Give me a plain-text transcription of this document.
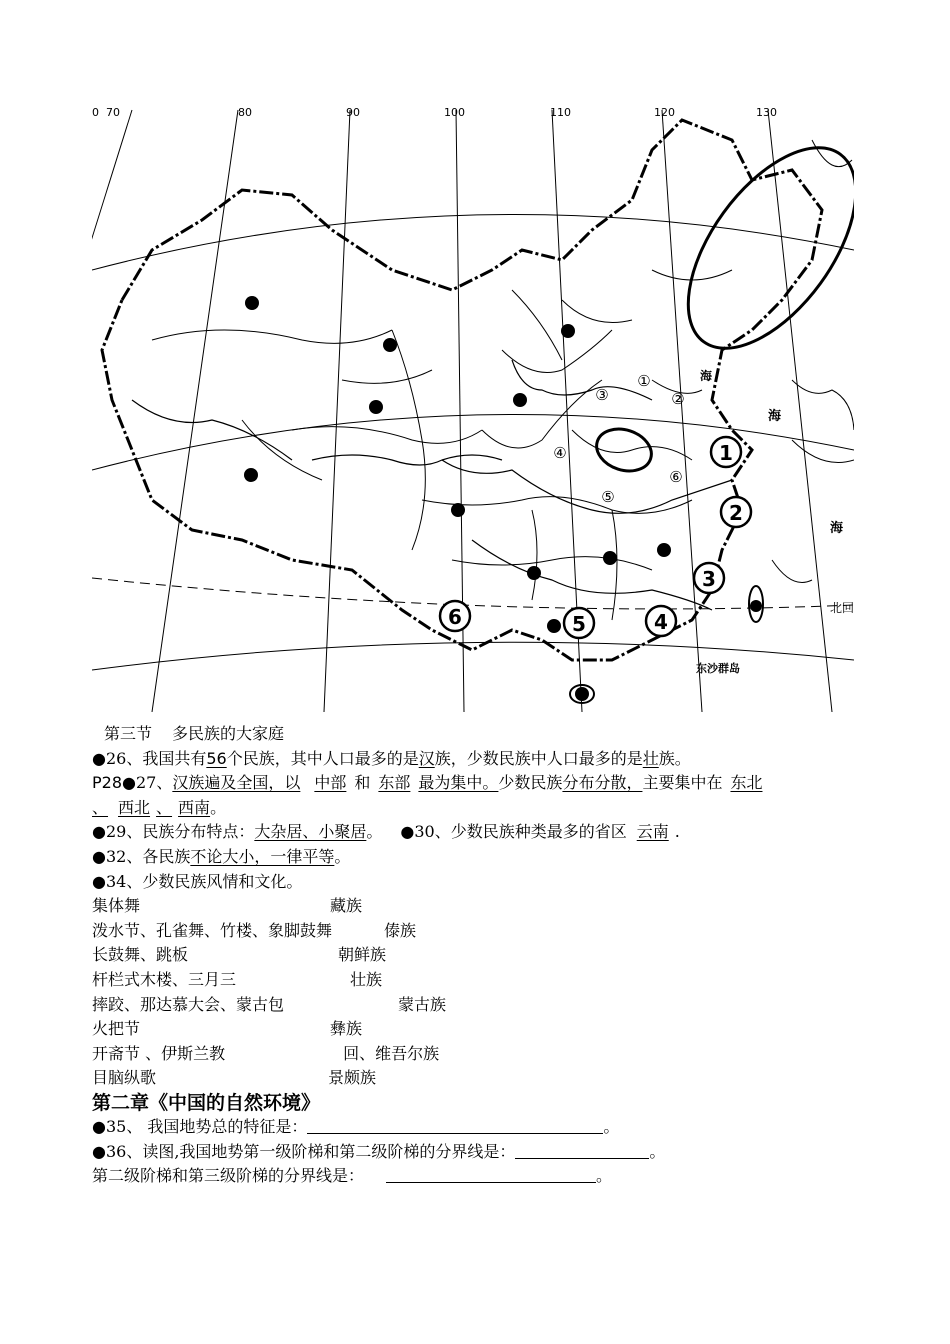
①
②
③
④
⑤
⑥
1
2
3
4
5
6
0 70	80	90	100	110	120	130
海
海
海
东沙群岛
北回
第三节 多民族的大家庭
●26、我国共有56个民族，其中人口最多的是汉族，少数民族中人口最多的是壮族。
P28●27、汉族遍及全国，以 中部 和 东部 最为集中。少数民族分布分散，主要集中在 东北
、 西北 、 西南。
●29、民族分布特点：大杂居、小聚居。 ●30、少数民族种类最多的省区 云南 .
●32、各民族不论大小，一律平等。
●34、少数民族风情和文化。
集体舞	藏族
泼水节、孔雀舞、竹楼、象脚鼓舞	傣族
长鼓舞、跳板	朝鲜族
杆栏式木楼、三月三	壮族
摔跤、那达慕大会、蒙古包	蒙古族
火把节	彝族
开斋节 、伊斯兰教	回、维吾尔族
目脑纵歌	景颇族
第二章《中国的自然环境》
●35、 我国地势总的特征是：	。
●36、读图,我国地势第一级阶梯和第二级阶梯的分界线是：	。
第二级阶梯和第三级阶梯的分界线是：	。
